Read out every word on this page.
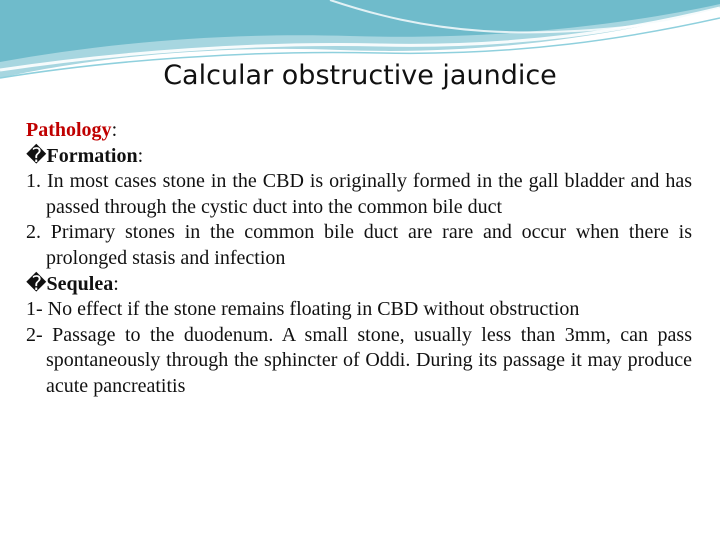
Calcular obstructive jaundice

Pathology:

�Formation:

1. In most cases stone in the CBD is originally formed in the gall bladder and has passed through the cystic duct into the common bile duct

2. Primary stones in the common bile duct are rare and occur when there is prolonged stasis and infection

�Sequlea:

1- No effect if the stone remains floating in CBD without obstruction

2- Passage to the duodenum. A small stone, usually less than 3mm, can pass spontaneously through the sphincter of Oddi. During its passage it may produce acute pancreatitis
